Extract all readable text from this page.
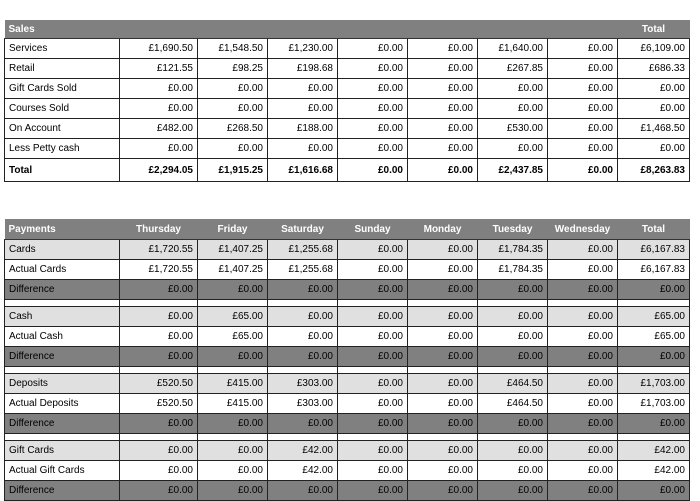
Sales								Total
Services	£1,690.50	£1,548.50	£1,230.00	£0.00	£0.00	£1,640.00	£0.00	£6,109.00
Retail	£121.55	£98.25	£198.68	£0.00	£0.00	£267.85	£0.00	£686.33
Gift Cards Sold	£0.00	£0.00	£0.00	£0.00	£0.00	£0.00	£0.00	£0.00
Courses Sold	£0.00	£0.00	£0.00	£0.00	£0.00	£0.00	£0.00	£0.00
On Account	£482.00	£268.50	£188.00	£0.00	£0.00	£530.00	£0.00	£1,468.50
Less Petty cash	£0.00	£0.00	£0.00	£0.00	£0.00	£0.00	£0.00	£0.00
Total	£2,294.05	£1,915.25	£1,616.68	£0.00	£0.00	£2,437.85	£0.00	£8,263.83
Payments	Thursday	Friday	Saturday	Sunday	Monday	Tuesday	Wednesday	Total
Cards	£1,720.55	£1,407.25	£1,255.68	£0.00	£0.00	£1,784.35	£0.00	£6,167.83
Actual Cards	£1,720.55	£1,407.25	£1,255.68	£0.00	£0.00	£1,784.35	£0.00	£6,167.83
Difference	£0.00	£0.00	£0.00	£0.00	£0.00	£0.00	£0.00	£0.00

Cash	£0.00	£65.00	£0.00	£0.00	£0.00	£0.00	£0.00	£65.00
Actual Cash	£0.00	£65.00	£0.00	£0.00	£0.00	£0.00	£0.00	£65.00
Difference	£0.00	£0.00	£0.00	£0.00	£0.00	£0.00	£0.00	£0.00

Deposits	£520.50	£415.00	£303.00	£0.00	£0.00	£464.50	£0.00	£1,703.00
Actual Deposits	£520.50	£415.00	£303.00	£0.00	£0.00	£464.50	£0.00	£1,703.00
Difference	£0.00	£0.00	£0.00	£0.00	£0.00	£0.00	£0.00	£0.00

Gift Cards	£0.00	£0.00	£42.00	£0.00	£0.00	£0.00	£0.00	£42.00
Actual Gift Cards	£0.00	£0.00	£42.00	£0.00	£0.00	£0.00	£0.00	£42.00
Difference	£0.00	£0.00	£0.00	£0.00	£0.00	£0.00	£0.00	£0.00
